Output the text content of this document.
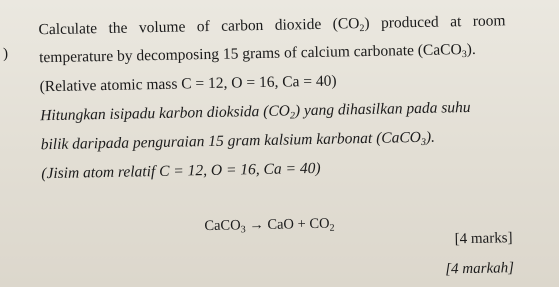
)
Calculate the volume of carbon dioxide $(CO_2)$ produced at room
temperature by decomposing 15 grams of calcium carbonate (CaCO$_3$).
(Relative atomic mass C = 12, O = 16, Ca = 40)
Hitungkan isipadu karbon dioksida $(CO_2)$ yang dihasilkan pada suhu
bilik daripada penguraian 15 gram kalsium karbonat (CaCO$_3$).
(Jisim atom relatif C = 12, O = 16, Ca = 40)
CaCO$_3$ → CaO + $CO_2$
[4 marks]
[4 markah]
